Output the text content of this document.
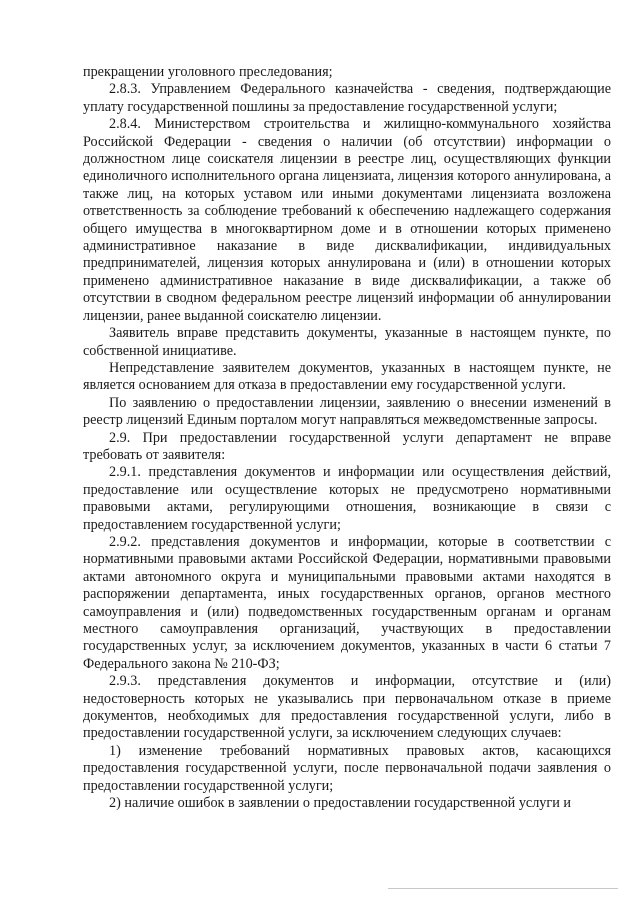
прекращении уголовного преследования;

2.8.3. Управлением Федерального казначейства - сведения, подтверждающие уплату государственной пошлины за предоставление государственной услуги;

2.8.4. Министерством строительства и жилищно-коммунального хозяйства Российской Федерации - сведения о наличии (об отсутствии) информации о должностном лице соискателя лицензии в реестре лиц, осуществляющих функции единоличного исполнительного органа лицензиата, лицензия которого аннулирована, а также лиц, на которых уставом или иными документами лицензиата возложена ответственность за соблюдение требований к обеспечению надлежащего содержания общего имущества в многоквартирном доме и в отношении которых применено административное наказание в виде дисквалификации, индивидуальных предпринимателей, лицензия которых аннулирована и (или) в отношении которых применено административное наказание в виде дисквалификации, а также об отсутствии в сводном федеральном реестре лицензий информации об аннулировании лицензии, ранее выданной соискателю лицензии.

Заявитель вправе представить документы, указанные в настоящем пункте, по собственной инициативе.

Непредставление заявителем документов, указанных в настоящем пункте, не является основанием для отказа в предоставлении ему государственной услуги.

По заявлению о предоставлении лицензии, заявлению о внесении изменений в реестр лицензий Единым порталом могут направляться межведомственные запросы.

2.9. При предоставлении государственной услуги департамент не вправе требовать от заявителя:

2.9.1. представления документов и информации или осуществления действий, предоставление или осуществление которых не предусмотрено нормативными правовыми актами, регулирующими отношения, возникающие в связи с предоставлением государственной услуги;

2.9.2. представления документов и информации, которые в соответствии с нормативными правовыми актами Российской Федерации, нормативными правовыми актами автономного округа и муниципальными правовыми актами находятся в распоряжении департамента, иных государственных органов, органов местного самоуправления и (или) подведомственных государственным органам и органам местного самоуправления организаций, участвующих в предоставлении государственных услуг, за исключением документов, указанных в части 6 статьи 7 Федерального закона № 210-ФЗ;

2.9.3. представления документов и информации, отсутствие и (или) недостоверность которых не указывались при первоначальном отказе в приеме документов, необходимых для предоставления государственной услуги, либо в предоставлении государственной услуги, за исключением следующих случаев:

1) изменение требований нормативных правовых актов, касающихся предоставления государственной услуги, после первоначальной подачи заявления о предоставлении государственной услуги;

2) наличие ошибок в заявлении о предоставлении государственной услуги и
